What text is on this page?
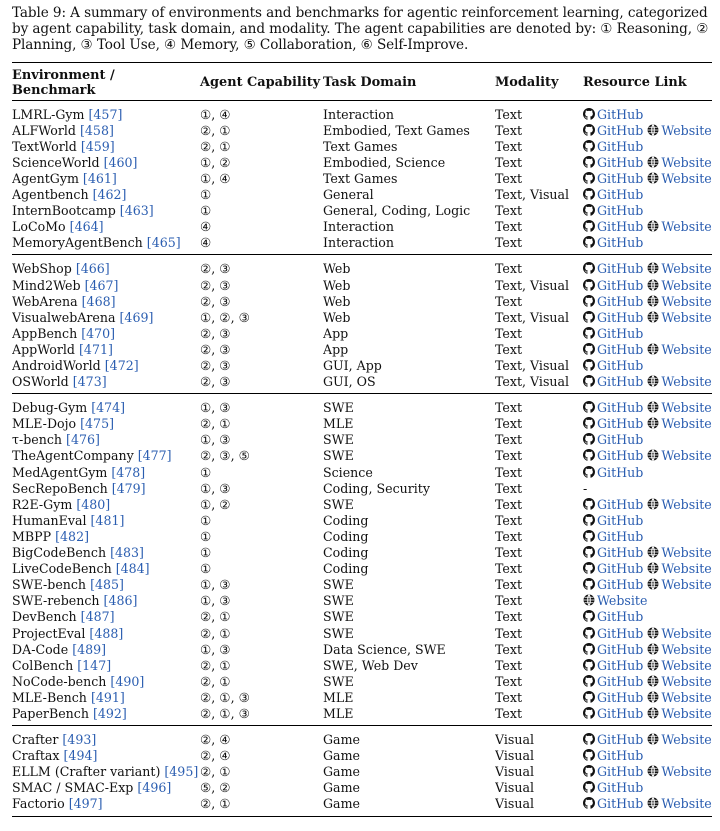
Table 9: A summary of environments and benchmarks for agentic reinforcement learning, categorized by agent capability, task domain, and modality. The agent capabilities are denoted by: ① Reasoning, ② Planning, ③ Tool Use, ④ Memory, ⑤ Collaboration, ⑥ Self-Improve.

Environment / Benchmark	Agent Capability	Task Domain	Modality	Resource Link
LMRL-Gym [457]	①, ④	Interaction	Text	GitHub
ALFWorld [458]	②, ①	Embodied, Text Games	Text	GitHub Website
TextWorld [459]	②, ①	Text Games	Text	GitHub
ScienceWorld [460]	①, ②	Embodied, Science	Text	GitHub Website
AgentGym [461]	①, ④	Text Games	Text	GitHub Website
Agentbench [462]	①	General	Text, Visual	GitHub
InternBootcamp [463]	①	General, Coding, Logic	Text	GitHub
LoCoMo [464]	④	Interaction	Text	GitHub Website
MemoryAgentBench [465]	④	Interaction	Text	GitHub
WebShop [466]	②, ③	Web	Text	GitHub Website
Mind2Web [467]	②, ③	Web	Text, Visual	GitHub Website
WebArena [468]	②, ③	Web	Text	GitHub Website
VisualwebArena [469]	①, ②, ③	Web	Text, Visual	GitHub Website
AppBench [470]	②, ③	App	Text	GitHub
AppWorld [471]	②, ③	App	Text	GitHub Website
AndroidWorld [472]	②, ③	GUI, App	Text, Visual	GitHub
OSWorld [473]	②, ③	GUI, OS	Text, Visual	GitHub Website
Debug-Gym [474]	①, ③	SWE	Text	GitHub Website
MLE-Dojo [475]	②, ①	MLE	Text	GitHub Website
τ-bench [476]	①, ③	SWE	Text	GitHub
TheAgentCompany [477]	②, ③, ⑤	SWE	Text	GitHub Website
MedAgentGym [478]	①	Science	Text	GitHub
SecRepoBench [479]	①, ③	Coding, Security	Text	-
R2E-Gym [480]	①, ②	SWE	Text	GitHub Website
HumanEval [481]	①	Coding	Text	GitHub
MBPP [482]	①	Coding	Text	GitHub
BigCodeBench [483]	①	Coding	Text	GitHub Website
LiveCodeBench [484]	①	Coding	Text	GitHub Website
SWE-bench [485]	①, ③	SWE	Text	GitHub Website
SWE-rebench [486]	①, ③	SWE	Text	Website
DevBench [487]	②, ①	SWE	Text	GitHub
ProjectEval [488]	②, ①	SWE	Text	GitHub Website
DA-Code [489]	①, ③	Data Science, SWE	Text	GitHub Website
ColBench [147]	②, ①	SWE, Web Dev	Text	GitHub Website
NoCode-bench [490]	②, ①	SWE	Text	GitHub Website
MLE-Bench [491]	②, ①, ③	MLE	Text	GitHub Website
PaperBench [492]	②, ①, ③	MLE	Text	GitHub Website
Crafter [493]	②, ④	Game	Visual	GitHub Website
Craftax [494]	②, ④	Game	Visual	GitHub
ELLM (Crafter variant) [495]	②, ①	Game	Visual	GitHub Website
SMAC / SMAC-Exp [496]	⑤, ②	Game	Visual	GitHub
Factorio [497]	②, ①	Game	Visual	GitHub Website
